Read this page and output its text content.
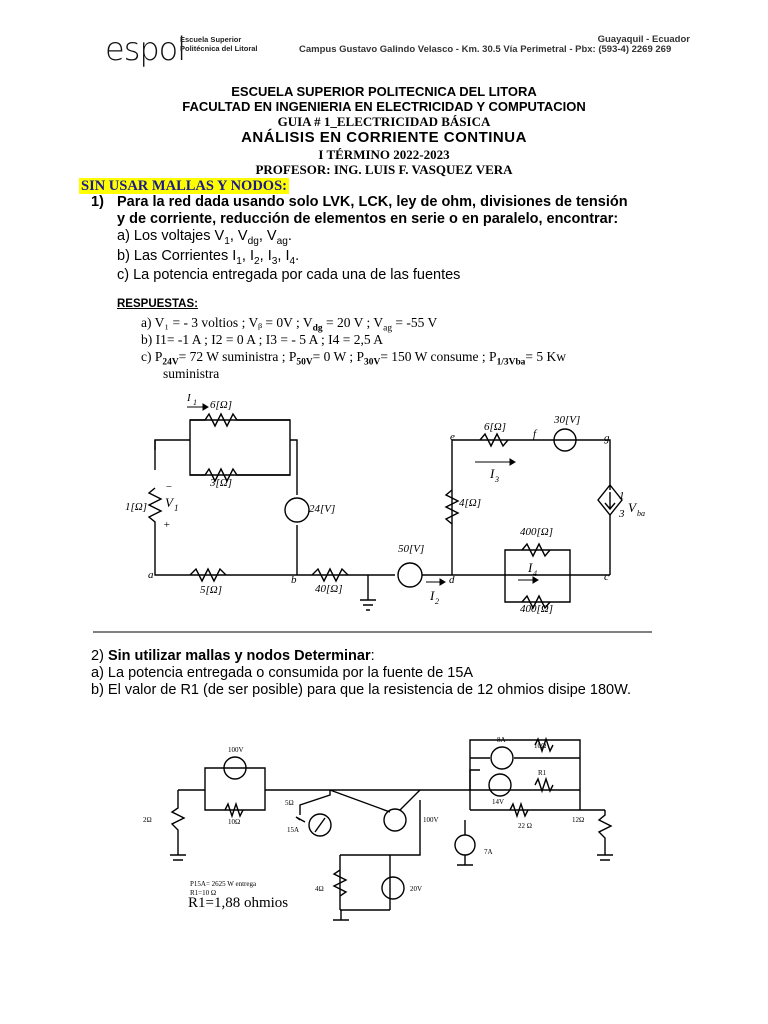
espol
Escuela Superior
Politécnica del Litoral
Guayaquil - Ecuador
Campus Gustavo Galindo Velasco - Km. 30.5 Vía Perimetral - Pbx: (593-4) 2269 269
ESCUELA SUPERIOR POLITECNICA DEL LITORA
FACULTAD EN INGENIERIA EN ELECTRICIDAD Y COMPUTACION
GUIA # 1_ELECTRICIDAD BÁSICA
ANÁLISIS EN CORRIENTE CONTINUA
I TÉRMINO 2022-2023
PROFESOR: ING. LUIS F. VASQUEZ VERA
SIN USAR MALLAS Y NODOS:
1) Para la red dada usando solo LVK, LCK, ley de ohm, divisiones de tensión
y de corriente, reducción de elementos en serie o en paralelo, encontrar:
a) Los voltajes $V_1$, $V_{dg}$, $V_{ag}$.
b) Las Corrientes $I_1$, $I_2$, $I_3$, $I_4$.
c) La potencia entregada por cada una de las fuentes
RESPUESTAS:
a) V₁ = - 3 voltios ; Vᵦ = 0V ; $V_{dg} = 20$ V ; $V_{ag} = -55$ V
b) I1= -1 A ; I2 = 0 A ; I3 = - 5 A ; I4 = 2,5 A
c) $P_{24V}= 72$ W suministra ; $P_{50V}= 0$ W ; $P_{30V}= 150$ W consume ; $P_{1/3Vba}= 5$ Kw
suministra
I 1 6[Ω]
3[Ω]
1[Ω] V 1
−
+
24[V]
a	b
5[Ω]	40[Ω]
50[V]
d
I 2
e
6[Ω]
f
30[V]
g
I 3
4[Ω]
1
3 V ba
400[Ω]
I 4
400[Ω]
c
2) Sin utilizar mallas y nodos Determinar:
a) La potencia entregada o consumida por la fuente de 15A
b) El valor de R1 (de ser posible) para que la resistencia de 12 ohmios disipe 180W.
100V
10Ω
2Ω
5Ω
15A
100V
8A
10Ω
R1
14V
22 Ω
12Ω
7A
4Ω	20V
P15A= 2625 W entrega
R1=10 Ω
R1=1,88 ohmios
